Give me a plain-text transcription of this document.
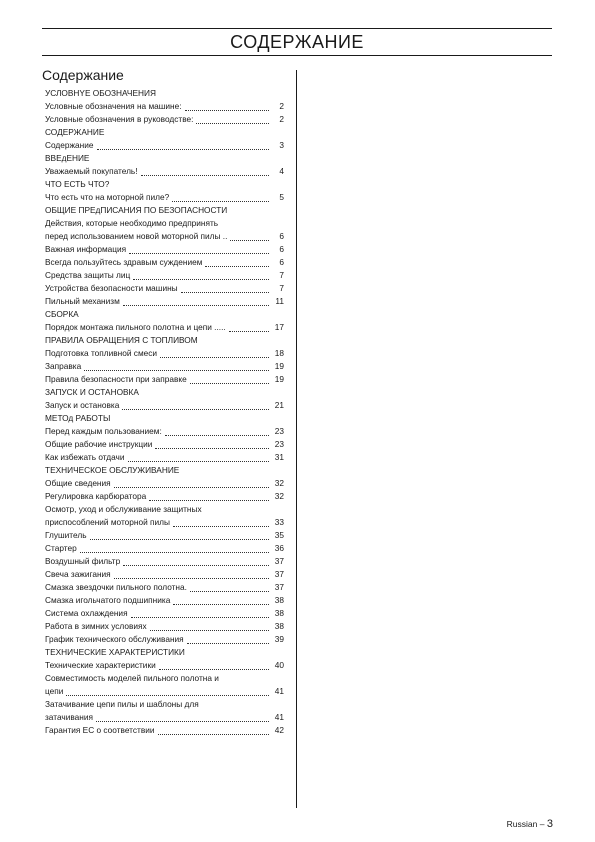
СОДЕРЖАНИЕ
Содержание
УСЛОВНYЕ ОБОЗНАЧЕНИЯ
Условные обозначения на машине:	2
Условные обозначения в руководстве:	2
СОДЕРЖАНИЕ
Содержание	3
ВВЕдЕНИЕ
Уважаемый покупатель!	4
ЧТО ЕСТЬ ЧТО?
Что есть что на моторной пиле?	5
ОБЩИЕ ПРЕдПИСАНИЯ ПО БЕЗОПАСНОСТИ
Действия, которые необходимо предпринять
перед использованием новой моторной пилы ..	6
Важная информация	6
Всегда пользуйтесь здравым суждением	6
Средства защиты лиц	7
Устройства безопасности машины	7
Пильный механизм	11
СБОРКА
Порядок монтажа пильного полотна и цепи .....	17
ПРАВИЛА ОБРАЩЕНИЯ С ТОПЛИВОМ
Подготовка топливной смеси	18
Заправка	19
Правила безопасности при заправке	19
ЗАПУСК И ОСТАНОВКА
Запуск и остановка	21
МЕТОд РАБОТЫ
Перед каждым пользованием:	23
Общие рабочие инструкции	23
Как избежать отдачи	31
ТЕХНИЧЕСКОЕ ОБСЛУЖИВАНИЕ
Общие сведения	32
Регулировка карбюратора	32
Осмотр, уход и обслуживание защитных
приспособлений моторной пилы	33
Глушитель	35
Стартер	36
Воздушный фильтр	37
Свеча зажигания	37
Смазка звездочки пильного полотна.	37
Смазка игольчатого подшипника	38
Система охлаждения	38
Работа в зимних условиях	38
График технического обслуживания	39
ТЕХНИЧЕСКИЕ ХАРАКТЕРИСТИКИ
Технические характеристики	40
Совместимость моделей пильного полотна и
цепи	41
Затачивание цепи пилы и шаблоны для
затачивания	41
Гарантия ЕС о соответствии	42
Russian – 3
